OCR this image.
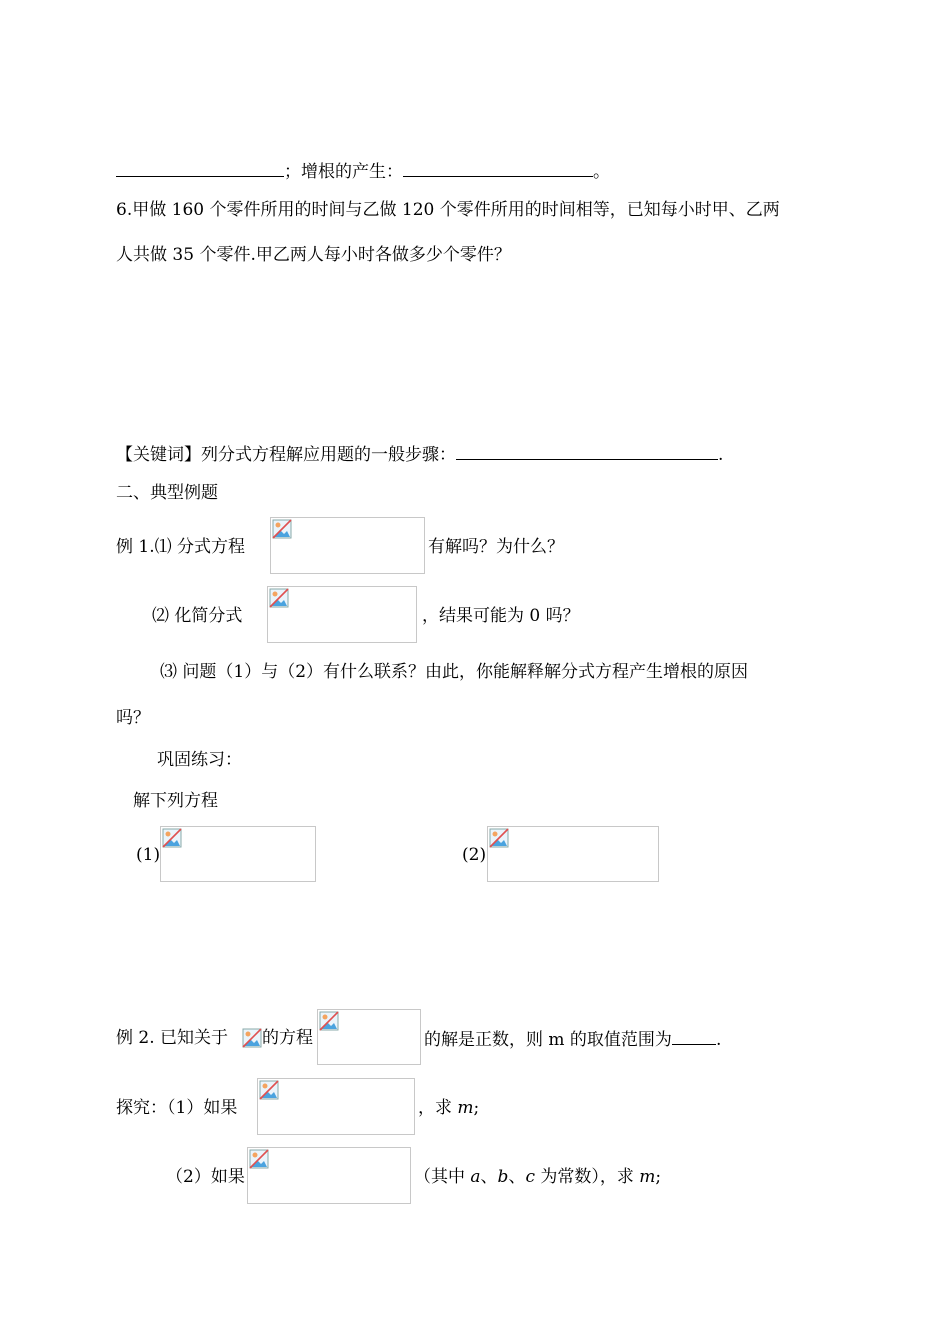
；增根的产生：	。
6.甲做 160 个零件所用的时间与乙做 120 个零件所用的时间相等，已知每小时甲、乙两
人共做 35 个零件.甲乙两人每小时各做多少个零件？
【关键词】列分式方程解应用题的一般步骤：	.
二、典型例题
例 1.⑴ 分式方程	有解吗？为什么？
⑵ 化简分式	，结果可能为 0 吗？
⑶ 问题（1）与（2）有什么联系？由此，你能解释解分式方程产生增根的原因
吗？
巩固练习：
解下列方程
(1)	(2)
例 2. 已知关于 的方程	的解是正数，则 m 的取值范围为	.
探究：（1）如果	，求 m;
（2）如果	（其中 a、b、c 为常数），求 m;
